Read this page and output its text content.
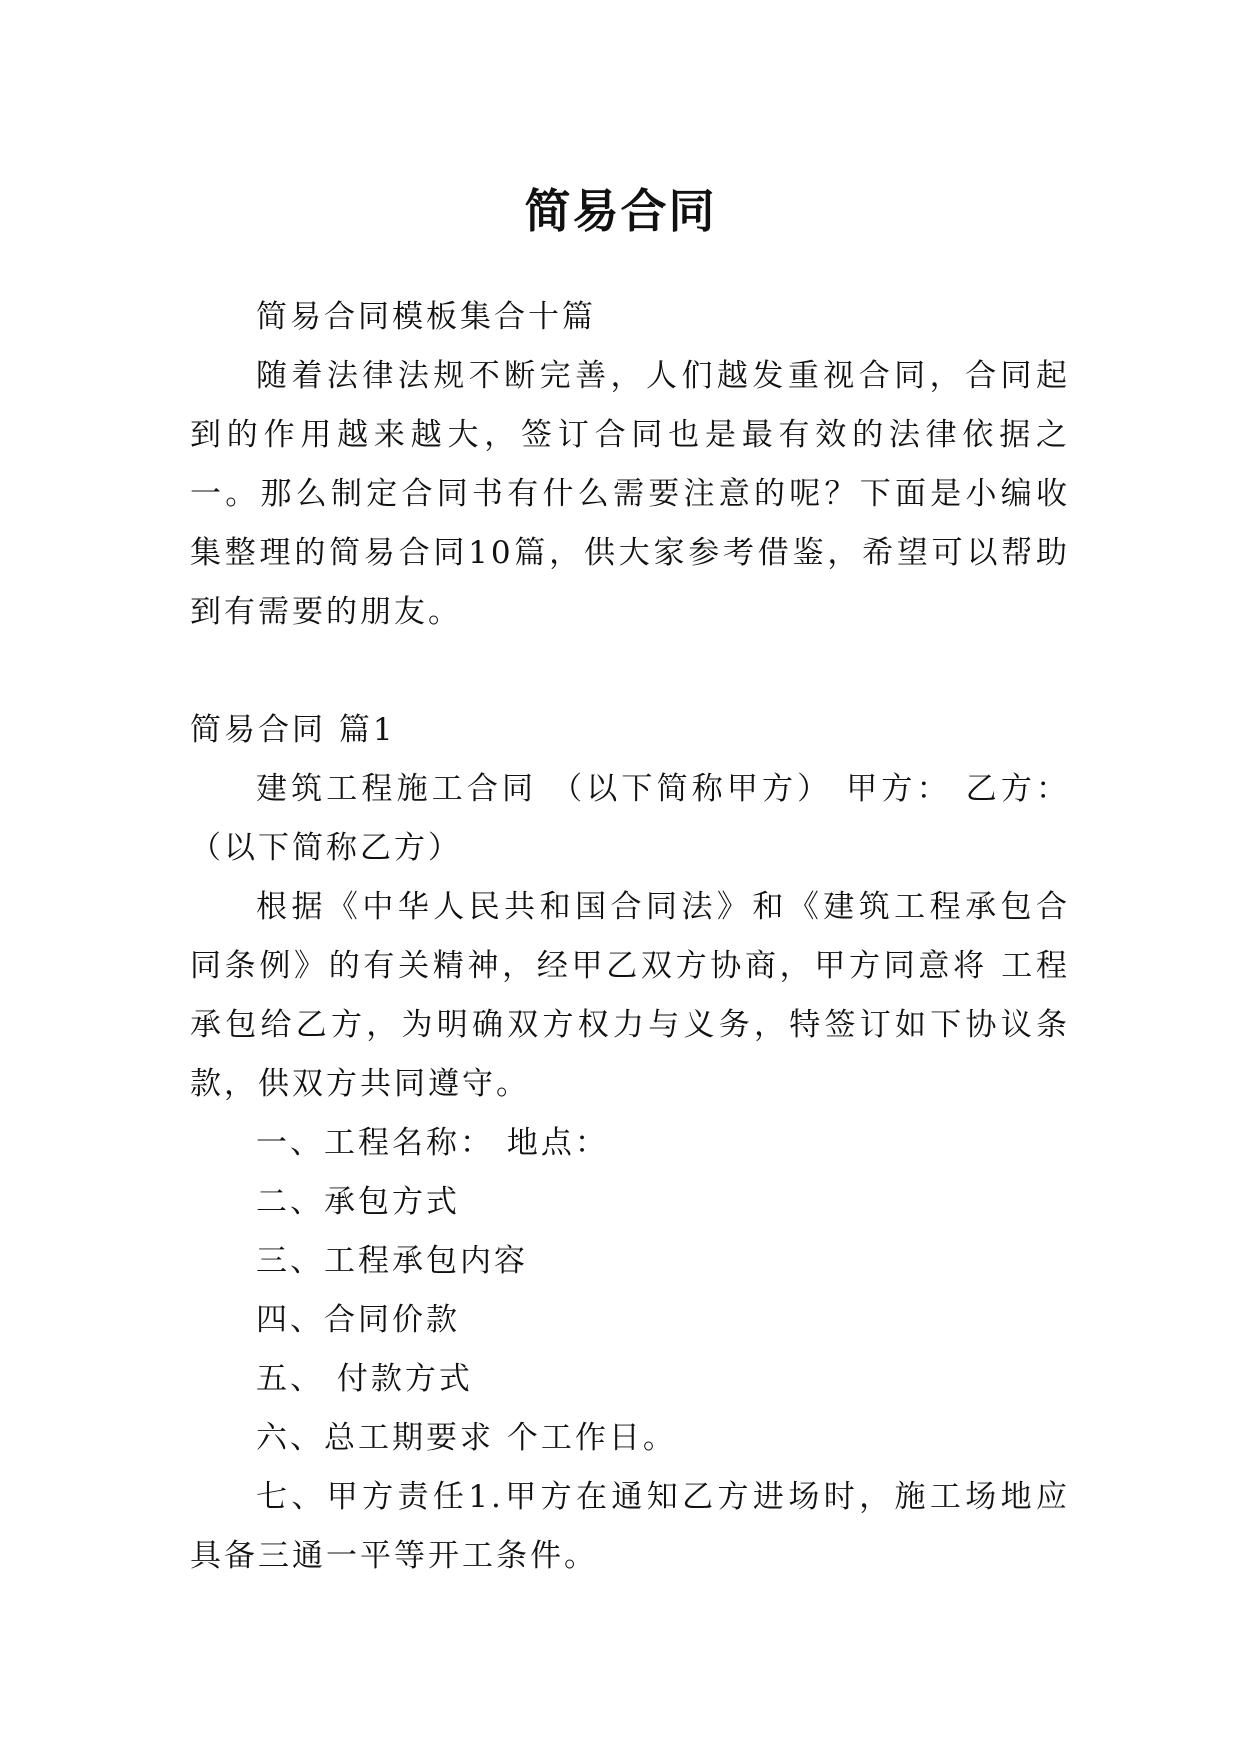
简易合同

简易合同模板集合十篇

随着法律法规不断完善，人们越发重视合同，合同起到的作用越来越大，签订合同也是最有效的法律依据之一。那么制定合同书有什么需要注意的呢？下面是小编收集整理的简易合同10篇，供大家参考借鉴，希望可以帮助到有需要的朋友。

简易合同 篇1

建筑工程施工合同 （以下简称甲方） 甲方： 乙方：（以下简称乙方）

根据《中华人民共和国合同法》和《建筑工程承包合同条例》的有关精神，经甲乙双方协商，甲方同意将 工程承包给乙方，为明确双方权力与义务，特签订如下协议条款，供双方共同遵守。

一、工程名称： 地点：

二、承包方式

三、工程承包内容

四、合同价款

五、 付款方式

六、总工期要求 个工作日。

七、甲方责任1.甲方在通知乙方进场时，施工场地应具备三通一平等开工条件。
